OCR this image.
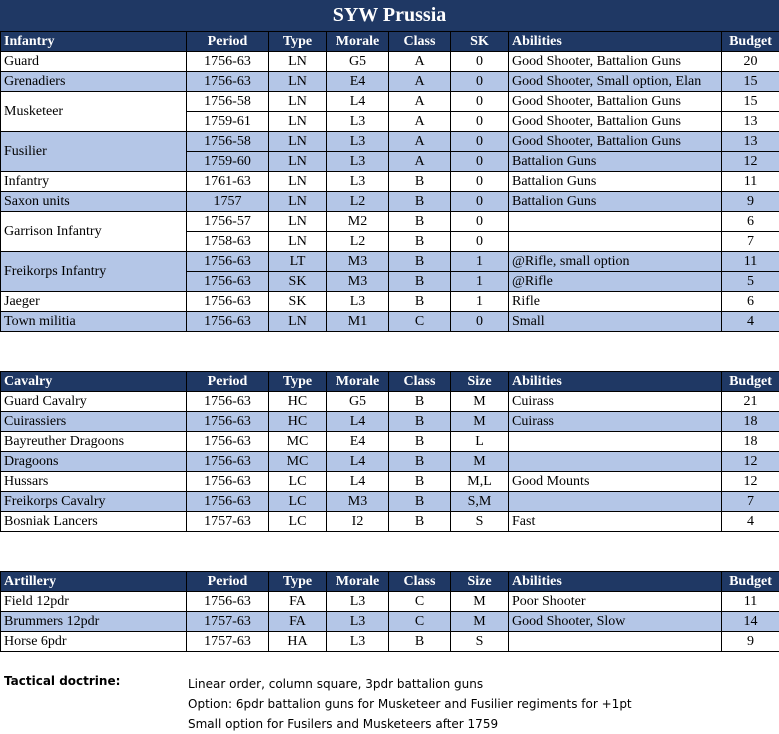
SYW Prussia
Infantry	Period	Type	Morale	Class	SK	Abilities	Budget
Guard	1756-63	LN	G5	A	0	Good Shooter, Battalion Guns	20
Grenadiers	1756-63	LN	E4	A	0	Good Shooter, Small option, Elan	15
Musketeer	1756-58	LN	L4	A	0	Good Shooter, Battalion Guns	15
	1759-61	LN	L3	A	0	Good Shooter, Battalion Guns	13
Fusilier	1756-58	LN	L3	A	0	Good Shooter, Battalion Guns	13
	1759-60	LN	L3	A	0	Battalion Guns	12
Infantry	1761-63	LN	L3	B	0	Battalion Guns	11
Saxon units	1757	LN	L2	B	0	Battalion Guns	9
Garrison Infantry	1756-57	LN	M2	B	0		6
	1758-63	LN	L2	B	0		7
Freikorps Infantry	1756-63	LT	M3	B	1	@Rifle, small option	11
	1756-63	SK	M3	B	1	@Rifle	5
Jaeger	1756-63	SK	L3	B	1	Rifle	6
Town militia	1756-63	LN	M1	C	0	Small	4
Cavalry	Period	Type	Morale	Class	Size	Abilities	Budget
Guard Cavalry	1756-63	HC	G5	B	M	Cuirass	21
Cuirassiers	1756-63	HC	L4	B	M	Cuirass	18
Bayreuther Dragoons	1756-63	MC	E4	B	L		18
Dragoons	1756-63	MC	L4	B	M		12
Hussars	1756-63	LC	L4	B	M,L	Good Mounts	12
Freikorps Cavalry	1756-63	LC	M3	B	S,M		7
Bosniak Lancers	1757-63	LC	I2	B	S	Fast	4
Artillery	Period	Type	Morale	Class	Size	Abilities	Budget
Field 12pdr	1756-63	FA	L3	C	M	Poor Shooter	11
Brummers 12pdr	1757-63	FA	L3	C	M	Good Shooter, Slow	14
Horse 6pdr	1757-63	HA	L3	B	S		9
Tactical doctrine:	Linear order, column square, 3pdr battalion guns
Option: 6pdr battalion guns for Musketeer and Fusilier regiments for +1pt
Small option for Fusilers and Musketeers after 1759
